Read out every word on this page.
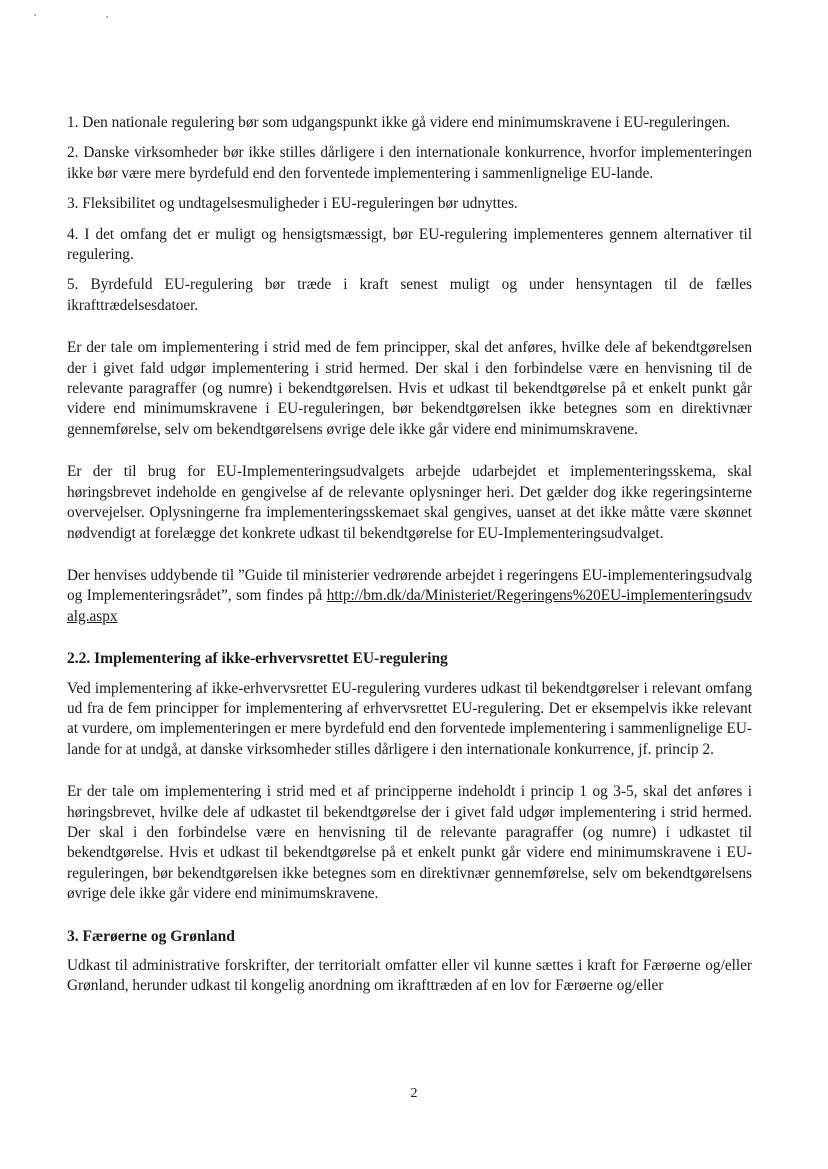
1. Den nationale regulering bør som udgangspunkt ikke gå videre end minimumskravene i EU-reguleringen.

2. Danske virksomheder bør ikke stilles dårligere i den internationale konkurrence, hvorfor implementeringen ikke bør være mere byrdefuld end den forventede implementering i sammenlignelige EU-lande.

3. Fleksibilitet og undtagelsesmuligheder i EU-reguleringen bør udnyttes.

4. I det omfang det er muligt og hensigtsmæssigt, bør EU-regulering implementeres gennem alternativer til regulering.

5. Byrdefuld EU-regulering bør træde i kraft senest muligt og under hensyntagen til de fælles ikrafttrædelsesdatoer.

Er der tale om implementering i strid med de fem principper, skal det anføres, hvilke dele af bekendtgørelsen der i givet fald udgør implementering i strid hermed. Der skal i den forbindelse være en henvisning til de relevante paragraffer (og numre) i bekendtgørelsen. Hvis et udkast til bekendtgørelse på et enkelt punkt går videre end minimumskravene i EU-reguleringen, bør bekendtgørelsen ikke betegnes som en direktivnær gennemførelse, selv om bekendtgørelsens øvrige dele ikke går videre end minimumskravene.

Er der til brug for EU-Implementeringsudvalgets arbejde udarbejdet et implementeringsskema, skal høringsbrevet indeholde en gengivelse af de relevante oplysninger heri. Det gælder dog ikke regeringsinterne overvejelser. Oplysningerne fra implementeringsskemaet skal gengives, uanset at det ikke måtte være skønnet nødvendigt at forelægge det konkrete udkast til bekendtgørelse for EU-Implementeringsudvalget.

Der henvises uddybende til ”Guide til ministerier vedrørende arbejdet i regeringens EU-implementeringsudvalg og Implementeringsrådet”, som findes på http://bm.dk/da/Ministeriet/Regeringens%20EU-implementeringsudvalg.aspx

2.2. Implementering af ikke-erhvervsrettet EU-regulering

Ved implementering af ikke-erhvervsrettet EU-regulering vurderes udkast til bekendtgørelser i relevant omfang ud fra de fem principper for implementering af erhvervsrettet EU-regulering. Det er eksempelvis ikke relevant at vurdere, om implementeringen er mere byrdefuld end den forventede implementering i sammenlignelige EU-lande for at undgå, at danske virksomheder stilles dårligere i den internationale konkurrence, jf. princip 2.

Er der tale om implementering i strid med et af principperne indeholdt i princip 1 og 3-5, skal det anføres i høringsbrevet, hvilke dele af udkastet til bekendtgørelse der i givet fald udgør implementering i strid hermed. Der skal i den forbindelse være en henvisning til de relevante paragraffer (og numre) i udkastet til bekendtgørelse. Hvis et udkast til bekendtgørelse på et enkelt punkt går videre end minimumskravene i EU-reguleringen, bør bekendtgørelsen ikke betegnes som en direktivnær gennemførelse, selv om bekendtgørelsens øvrige dele ikke går videre end minimumskravene.

3. Færøerne og Grønland

Udkast til administrative forskrifter, der territorialt omfatter eller vil kunne sættes i kraft for Færøerne og/eller Grønland, herunder udkast til kongelig anordning om ikrafttræden af en lov for Færøerne og/eller

2
